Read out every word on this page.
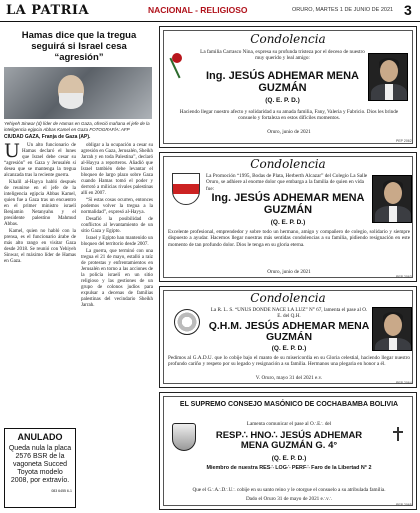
LA PATRIA	NACIONAL - RELIGIOSO	ORURO, MARTES 1 DE JUNIO DE 2021 3
Hamas dice que la tregua seguirá si Israel cesa “agresión”
Yehiyeh Sinwar (d) líder de Hamas en Gaza, ofreció mañana el jefe de la inteligencia egipcia Abbas Kamel en Gaza FOTOGRAFÍA: AFP
CIUDAD GAZA, Franja de Gaza (AP).
U	Un alto funcionario de Hamas declaró el lunes que Israel debe cesar su “agresión” en Gaza y Jerusalén si desea que se mantenga la tregua alcanzada tras la reciente guerra.

Khalil al-Hayya habló después de reunirse en el jefe de la inteligencia egipcia Abbas Kamel, quien fue a Gaza tras un encuentro en el primer ministro israelí Benjamin Netanyahu y el presidente palestino Mahmud Abbas.

Kamel, quien no habló con la prensa, es el funcionario árabe de más alto rango en visitar Gaza desde 2018. Se reunió con Yehiyeh Sinwar, el máximo líder de Hamas en Gaza.

obligar a la ocupación a cesar su agresión en Gaza, Jerusalén, Sheikh Jarrah y en toda Palestina”, declaró al-Hayya a reporteros. Añadió que Israel también debe levantar el bloqueo de largo plazo sobre Gaza cuando Hamas tomó el poder y derrotó a milicias rivales palestinas allí en 2007.

“Si estas cosas ocurren, entonces podemos volver la tregua a la normalidad”, expresó al-Hayya.

Desafió la posibilidad de conflictos al levantamiento de un sitio Gaza y Egipto.

Israel y Egipto han mantenido un bloqueo del territorio desde 2007.

La guerra, que terminó con una tregua el 21 de mayo, estalló a raíz de protestas y enfrentamientos en Jerusalén en torno a las acciones de la policía israelí en un sitio religioso y las gestiones de un grupo de colonos judíos para expulsar a decenas de familias palestinas del vecindario Sheikh Jarrah.

ANULADO
Queda nula la placa 2576 BSR de la vagoneta Succed Toyota modelo 2008, por extravío.
083 6455 6-1
Condolencia
La familia Carrasco Nina, expresa su profunda tristeza por el deceso de nuestro muy querido y leal amigo:
Ing. JESÚS ADHEMAR MENA GUZMÁN
(Q. E. P. D.)
Haciendo llegar nuestro afecto y solidaridad a su amada familia, Fany, Valeria y Fabricio. Dios les brinde consuelo y fortaleza en estos difíciles momentos.
Oruro, junio de 2021
PEP 2062
Condolencia
La Promoción “1995, Bodas de Plata, Herberth Alcazar” del Colegio La Salle Oruro, se adhiere al enorme dolor que embarga a la familia de quien en vida fue:
Ing. JESÚS ADHEMAR MENA GUZMÁN
(Q. E. P. D.)
Excelente profesional, emprendedor y sobre todo un hermano, amigo y compañero de colegio, solidario y siempre dispuesto a ayudar. Hacemos llegar nuestras más sentidas condolencias a su familia, pidiendo resignación en este momento de tan profundo dolor. Dios le tenga en su gloria eterna.
Oruro, junio de 2021
PEP 2063
Condolencia
La R. L. S. “UNUS DONDE NACE LA LUZ” N° 67, lamenta el pase al O. E. del Q.H.
Q.H.M. JESÚS ADHEMAR MENA GUZMÁN
(Q. E. P. D.)
Pedimos al G.A.D.U. que lo cobije bajo el manto de su misericordia en su Gloria celestial, haciendo llegar nuestro profundo cariño y respeto por su legado y resignación a su familia. Hermanos una plegaria en honor a él.
V. Oruro, mayo 31 del 2021 e.v.
PEP 2064
EL SUPREMO CONSEJO MASÓNICO DE COCHABAMBA BOLIVIA
Lamenta comunicar el pase al O∴E∴ del
RESP∴ HNO∴ JESÚS ADHEMAR MENA GUZMÁN G. 4°
(Q. E. P. D.)
Miembro de nuestra RES∴ LOG∴ PERF∴ Faro de la Libertad N° 2
Que el G∴A∴D∴U∴ cobije en su santo reino y le otorgue el consuelo a su atribulada familia.
Dado el Oruro 31 de mayo de 2021 e∴v∴
PEP 2065
